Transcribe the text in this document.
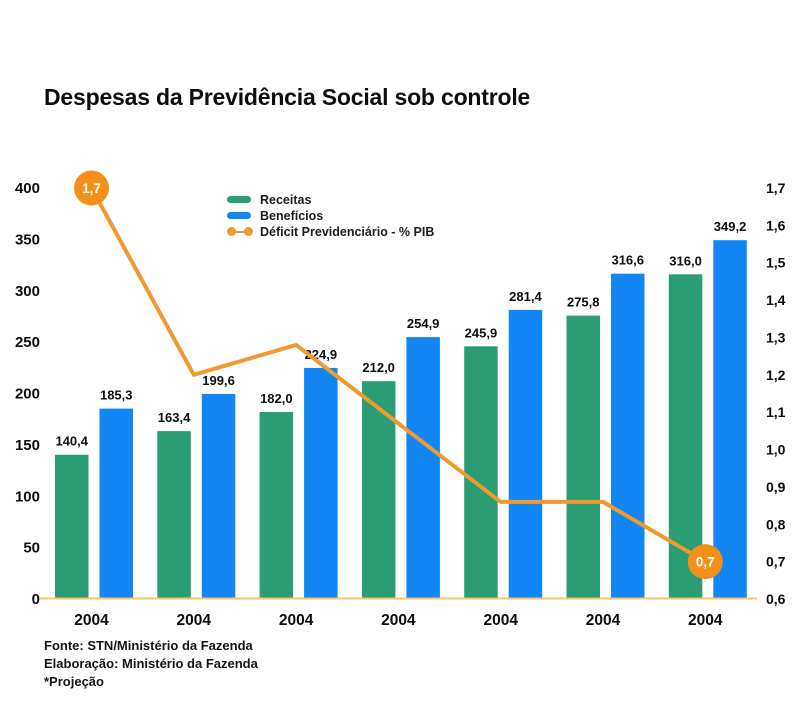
140,4
163,4
182,0
212,0
245,9
275,8
316,0
185,3
199,6
224,9
254,9
281,4
316,6
349,2
400
350
300
250
200
150
100
50
0
1,7
1,6
1,5
1,4
1,3
1,2
1,1
1,0
0,9
0,8
0,7
0,6
2004	2004	2004	2004	2004	2004	2004
1,7
0,7
Despesas da Previdência Social sob controle
Receitas
Benefícios
Déficit Previdenciário - % PIB
Fonte: STN/Ministério da Fazenda
Elaboração: Ministério da Fazenda
*Projeção
